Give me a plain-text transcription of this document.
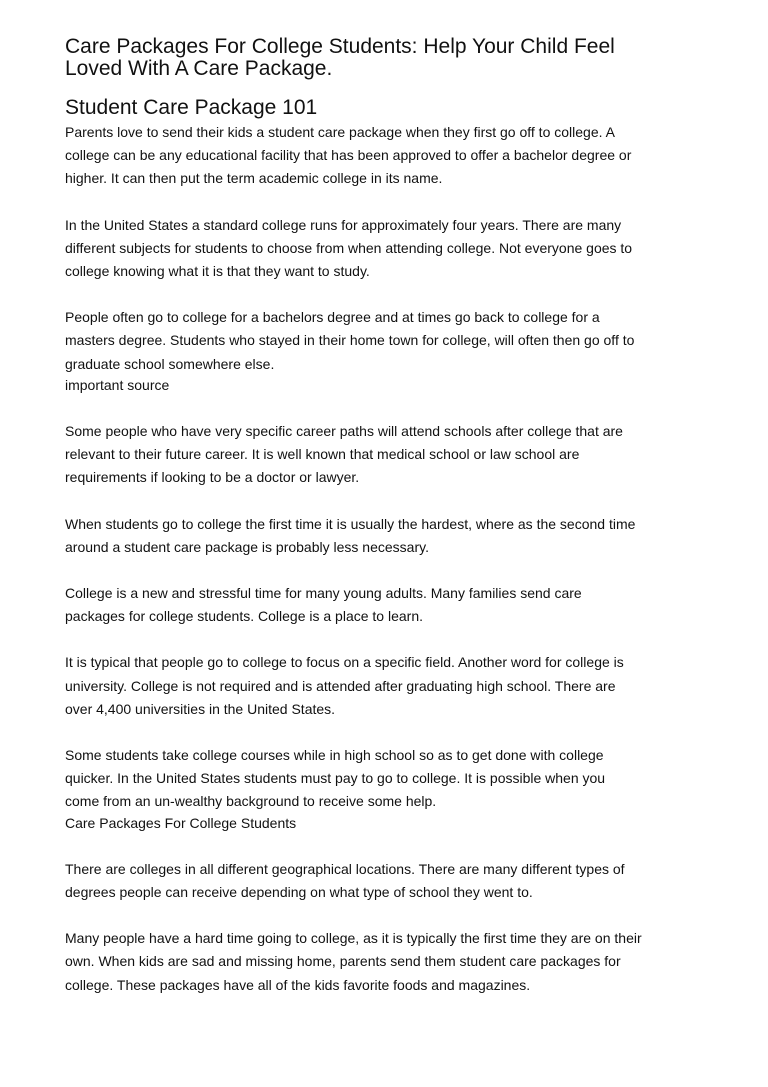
Care Packages For College Students: Help Your Child Feel
Loved With A Care Package.
Student Care Package 101
Parents love to send their kids a student care package when they first go off to college. A
college can be any educational facility that has been approved to offer a bachelor degree or
higher. It can then put the term academic college in its name.
In the United States a standard college runs for approximately four years. There are many
different subjects for students to choose from when attending college. Not everyone goes to
college knowing what it is that they want to study.
People often go to college for a bachelors degree and at times go back to college for a
masters degree. Students who stayed in their home town for college, will often then go off to
graduate school somewhere else.
important source
Some people who have very specific career paths will attend schools after college that are
relevant to their future career. It is well known that medical school or law school are
requirements if looking to be a doctor or lawyer.
When students go to college the first time it is usually the hardest, where as the second time
around a student care package is probably less necessary.
College is a new and stressful time for many young adults. Many families send care
packages for college students. College is a place to learn.
It is typical that people go to college to focus on a specific field. Another word for college is
university. College is not required and is attended after graduating high school. There are
over 4,400 universities in the United States.
Some students take college courses while in high school so as to get done with college
quicker. In the United States students must pay to go to college. It is possible when you
come from an un-wealthy background to receive some help.
Care Packages For College Students
There are colleges in all different geographical locations. There are many different types of
degrees people can receive depending on what type of school they went to.
Many people have a hard time going to college, as it is typically the first time they are on their
own. When kids are sad and missing home, parents send them student care packages for
college. These packages have all of the kids favorite foods and magazines.
